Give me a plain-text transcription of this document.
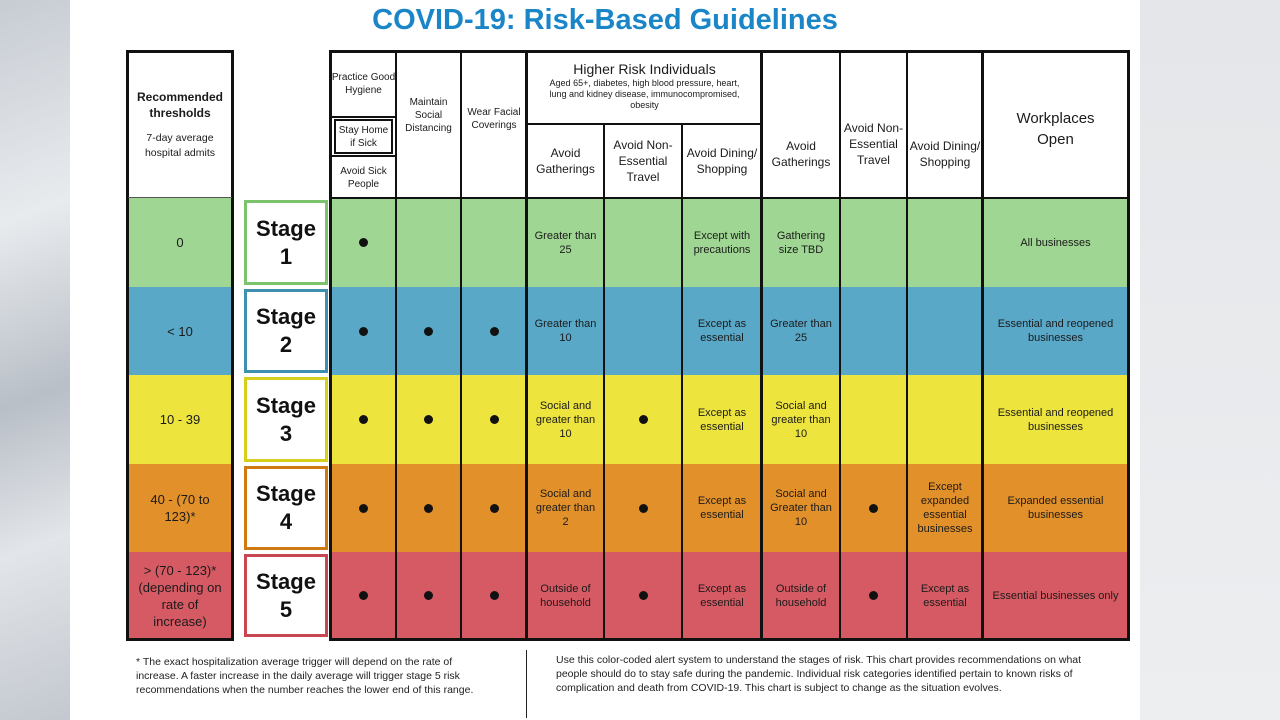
COVID-19: Risk-Based Guidelines
Recommended thresholds
7-day average hospital admits
Practice Good Hygiene
Stay Home if Sick
Avoid Sick People
Maintain Social Distancing
Wear Facial Coverings
Higher Risk Individuals
Aged 65+, diabetes, high blood pressure, heart, lung and kidney disease, immunocompromised, obesity
Avoid Gatherings
Avoid Non-Essential Travel
Avoid Dining/ Shopping
Avoid Gatherings
Avoid Non-Essential Travel
Avoid Dining/ Shopping
Workplaces Open
0
Stage 1
Greater than 25
Except with precautions
Gathering size TBD
All businesses
< 10
Stage 2
Greater than 10
Except as essential
Greater than 25
Essential and reopened businesses
10 - 39
Stage 3
Social and greater than 10
Except as essential
Social and greater than 10
Essential and reopened businesses
40 - (70 to 123)*
Stage 4
Social and greater than 2
Except as essential
Social and Greater than 10
Except expanded essential businesses
Expanded essential businesses
> (70 - 123)* (depending on rate of increase)
Stage 5
Outside of household
Except as essential
Outside of household
Except as essential
Essential businesses only
* The exact hospitalization average trigger will depend on the rate of increase. A faster increase in the daily average will trigger stage 5 risk recommendations when the number reaches the lower end of this range.
Use this color-coded alert system to understand the stages of risk. This chart provides recommendations on what people should do to stay safe during the pandemic. Individual risk categories identified pertain to known risks of complication and death from COVID-19. This chart is subject to change as the situation evolves.
